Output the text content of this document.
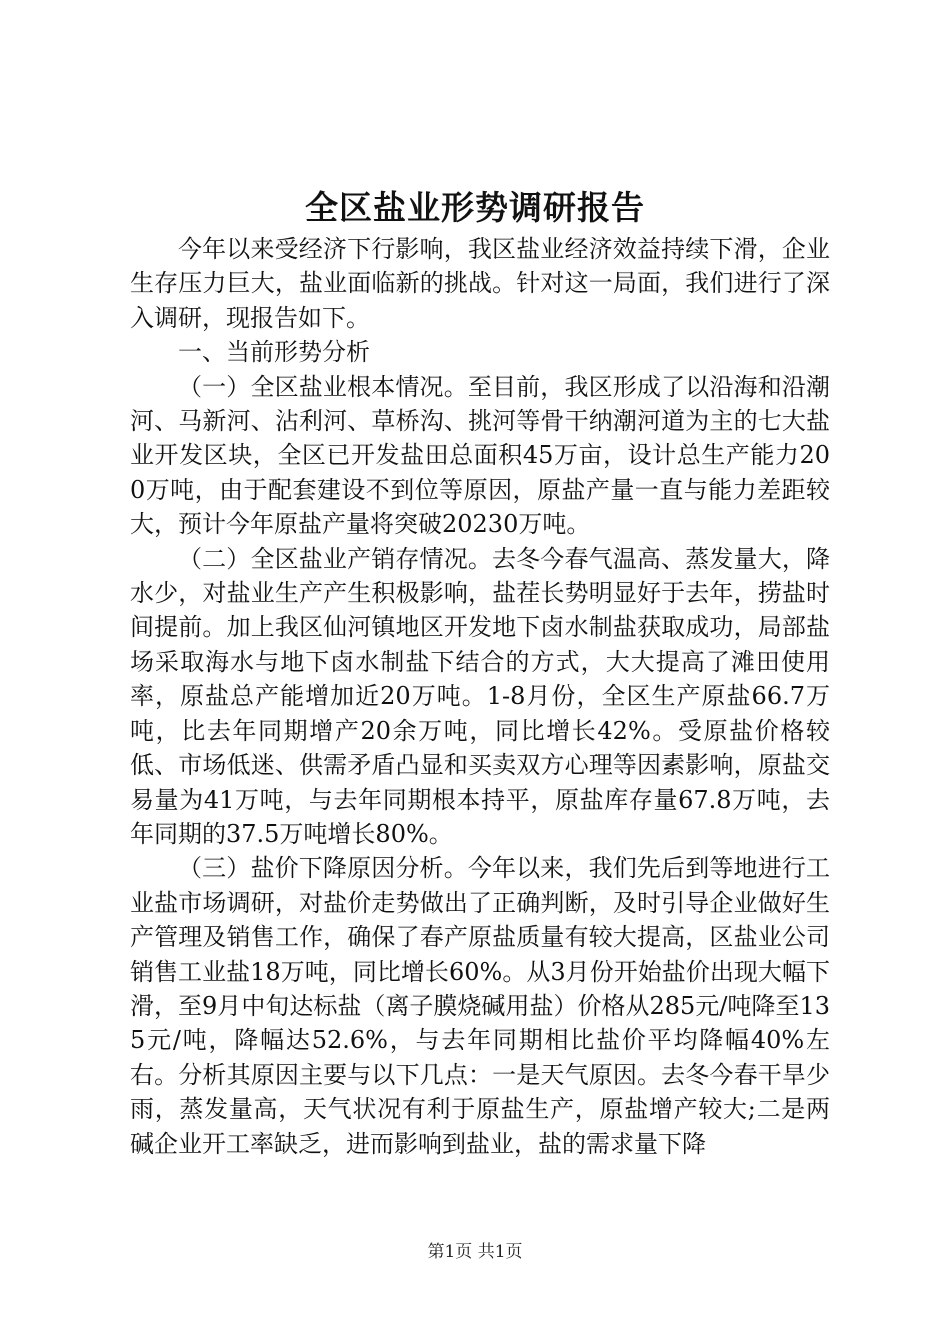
全区盐业形势调研报告

今年以来受经济下行影响，我区盐业经济效益持续下滑，企业生存压力巨大，盐业面临新的挑战。针对这一局面，我们进行了深入调研，现报告如下。

一、当前形势分析

（一）全区盐业根本情况。至目前，我区形成了以沿海和沿潮河、马新河、沾利河、草桥沟、挑河等骨干纳潮河道为主的七大盐业开发区块，全区已开发盐田总面积45万亩，设计总生产能力200万吨，由于配套建设不到位等原因，原盐产量一直与能力差距较大，预计今年原盐产量将突破20230万吨。

（二）全区盐业产销存情况。去冬今春气温高、蒸发量大，降水少，对盐业生产产生积极影响，盐茬长势明显好于去年，捞盐时间提前。加上我区仙河镇地区开发地下卤水制盐获取成功，局部盐场采取海水与地下卤水制盐下结合的方式，大大提高了滩田使用率，原盐总产能增加近20万吨。1-8月份，全区生产原盐66.7万吨，比去年同期增产20余万吨，同比增长42%。受原盐价格较低、市场低迷、供需矛盾凸显和买卖双方心理等因素影响，原盐交易量为41万吨，与去年同期根本持平，原盐库存量67.8万吨，去年同期的37.5万吨增长80%。

（三）盐价下降原因分析。今年以来，我们先后到等地进行工业盐市场调研，对盐价走势做出了正确判断，及时引导企业做好生产管理及销售工作，确保了春产原盐质量有较大提高，区盐业公司销售工业盐18万吨，同比增长60%。从3月份开始盐价出现大幅下滑，至9月中旬达标盐（离子膜烧碱用盐）价格从285元/吨降至135元/吨，降幅达52.6%，与去年同期相比盐价平均降幅40%左右。分析其原因主要与以下几点：一是天气原因。去冬今春干旱少雨，蒸发量高，天气状况有利于原盐生产，原盐增产较大;二是两碱企业开工率缺乏，进而影响到盐业，盐的需求量下降

第1页 共1页
